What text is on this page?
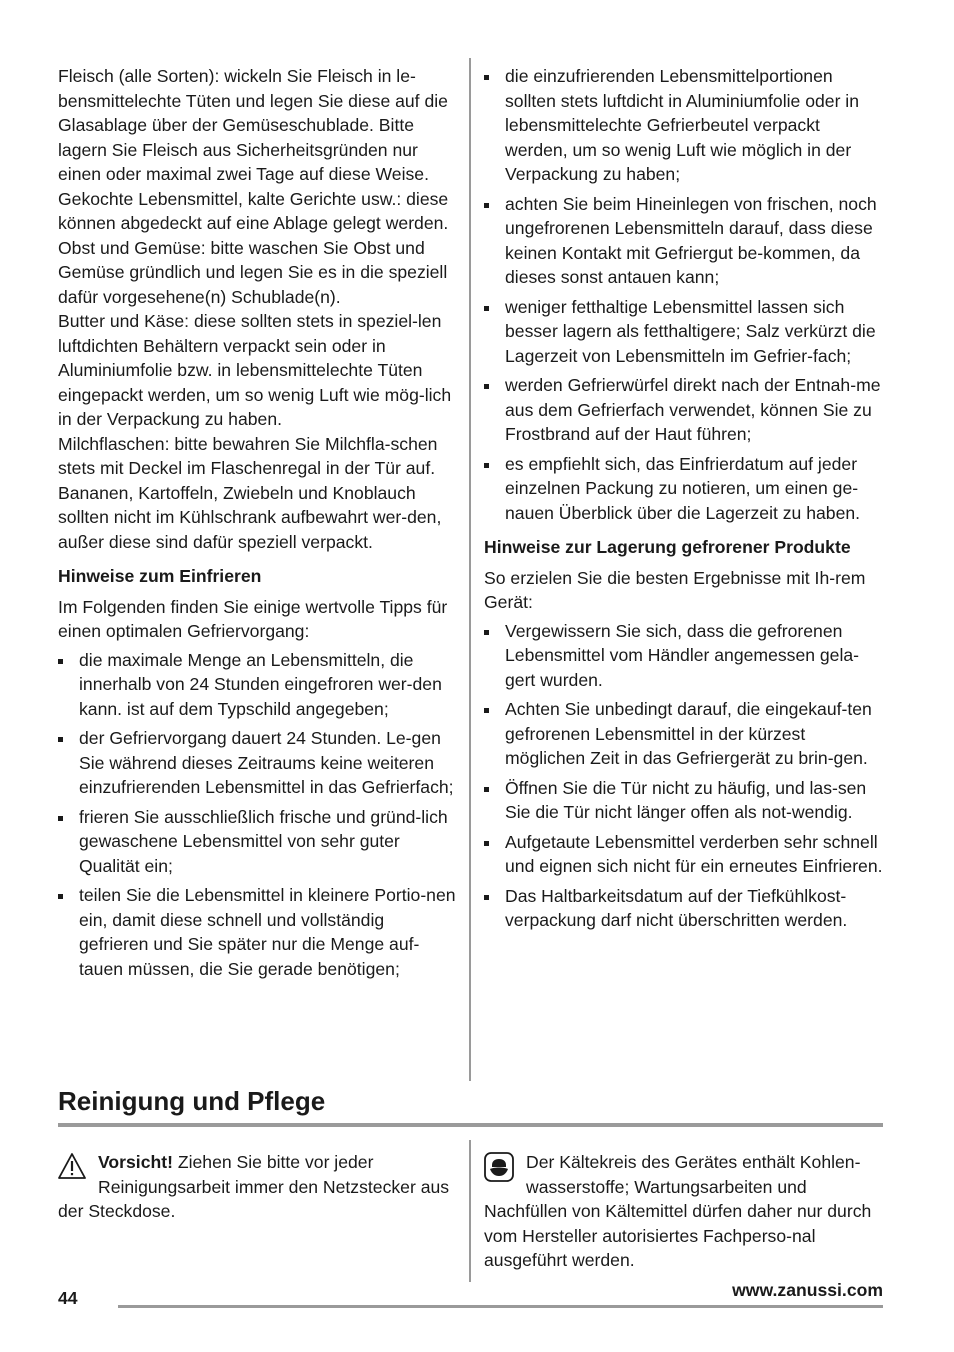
Fleisch (alle Sorten): wickeln Sie Fleisch in le-bensmittelechte Tüten und legen Sie diese auf die Glasablage über der Gemüseschublade. Bitte lagern Sie Fleisch aus Sicherheitsgründen nur einen oder maximal zwei Tage auf diese Weise.

Gekochte Lebensmittel, kalte Gerichte usw.: diese können abgedeckt auf eine Ablage gelegt werden.

Obst und Gemüse: bitte waschen Sie Obst und Gemüse gründlich und legen Sie es in die speziell dafür vorgesehene(n) Schublade(n).

Butter und Käse: diese sollten stets in speziel-len luftdichten Behältern verpackt sein oder in Aluminiumfolie bzw. in lebensmittelechte Tüten eingepackt werden, um so wenig Luft wie mög-lich in der Verpackung zu haben.

Milchflaschen: bitte bewahren Sie Milchfla-schen stets mit Deckel im Flaschenregal in der Tür auf.

Bananen, Kartoffeln, Zwiebeln und Knoblauch sollten nicht im Kühlschrank aufbewahrt wer-den, außer diese sind dafür speziell verpackt.

Hinweise zum Einfrieren

Im Folgenden finden Sie einige wertvolle Tipps für einen optimalen Gefriervorgang:

die maximale Menge an Lebensmitteln, die innerhalb von 24 Stunden eingefroren wer-den kann. ist auf dem Typschild angegeben;
der Gefriervorgang dauert 24 Stunden. Le-gen Sie während dieses Zeitraums keine weiteren einzufrierenden Lebensmittel in das Gefrierfach;
frieren Sie ausschließlich frische und gründ-lich gewaschene Lebensmittel von sehr guter Qualität ein;
teilen Sie die Lebensmittel in kleinere Portio-nen ein, damit diese schnell und vollständig gefrieren und Sie später nur die Menge auf-tauen müssen, die Sie gerade benötigen;
die einzufrierenden Lebensmittelportionen sollten stets luftdicht in Aluminiumfolie oder in lebensmittelechte Gefrierbeutel verpackt werden, um so wenig Luft wie möglich in der Verpackung zu haben;
achten Sie beim Hineinlegen von frischen, noch ungefrorenen Lebensmitteln darauf, dass diese keinen Kontakt mit Gefriergut be-kommen, da dieses sonst antauen kann;
weniger fetthaltige Lebensmittel lassen sich besser lagern als fetthaltigere; Salz verkürzt die Lagerzeit von Lebensmitteln im Gefrier-fach;
werden Gefrierwürfel direkt nach der Entnah-me aus dem Gefrierfach verwendet, können Sie zu Frostbrand auf der Haut führen;
es empfiehlt sich, das Einfrierdatum auf jeder einzelnen Packung zu notieren, um einen ge-nauen Überblick über die Lagerzeit zu haben.
Hinweise zur Lagerung gefrorener Produkte

So erzielen Sie die besten Ergebnisse mit Ih-rem Gerät:

Vergewissern Sie sich, dass die gefrorenen Lebensmittel vom Händler angemessen gela-gert wurden.
Achten Sie unbedingt darauf, die eingekauf-ten gefrorenen Lebensmittel in der kürzest möglichen Zeit in das Gefriergerät zu brin-gen.
Öffnen Sie die Tür nicht zu häufig, und las-sen Sie die Tür nicht länger offen als not-wendig.
Aufgetaute Lebensmittel verderben sehr schnell und eignen sich nicht für ein erneutes Einfrieren.
Das Haltbarkeitsdatum auf der Tiefkühlkost-verpackung darf nicht überschritten werden.
Reinigung und Pflege
Vorsicht! Ziehen Sie bitte vor jeder Reinigungsarbeit immer den Netzstecker aus der Steckdose.
Der Kältekreis des Gerätes enthält Kohlen-wasserstoffe; Wartungsarbeiten und Nachfüllen von Kältemittel dürfen daher nur durch vom Hersteller autorisiertes Fachperso-nal ausgeführt werden.
44	www.zanussi.com
